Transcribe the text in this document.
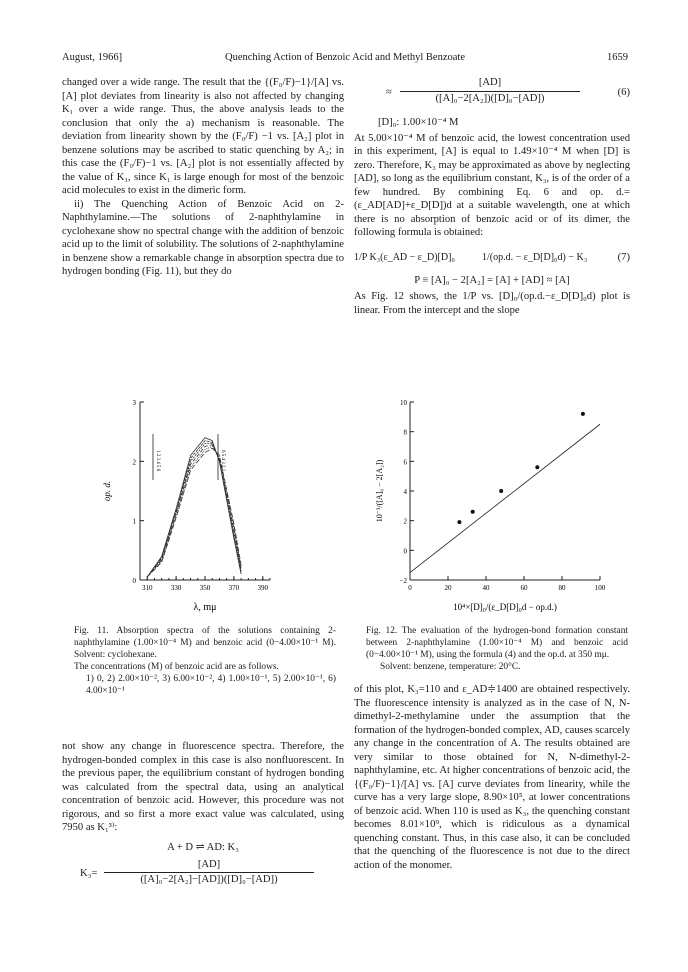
August, 1966]	Quenching Action of Benzoic Acid and Methyl Benzoate	1659

changed over a wide range. The result that the {(F₀/F)−1}/[A] vs. [A] plot deviates from linearity is also not affected by changing K₁ over a wide range. Thus, the above analysis leads to the conclusion that only the a) mechanism is reasonable. The deviation from linearity shown by the (F₀/F) −1 vs. [A₂] plot in benzene solutions may be ascribed to static quenching by A₂; in this case the (F₀/F)−1 vs. [A₂] plot is not essentially affected by the value of K₁, since K₁ is large enough for most of the benzoic acid molecules to exist in the dimeric form.

ii) The Quenching Action of Benzoic Acid on 2-Naphthylamine.—The solutions of 2-naphthylamine in cyclohexane show no spectral change with the addition of benzoic acid up to the limit of solubility. The solutions of 2-naphthylamine in benzene show a remarkable change in absorption spectra due to hydrogen bonding (Fig. 11), but they do

≈ $\frac{[AD]}{\text{([A]₀−2[A₂])([D]₀−[AD])}}$	(6)
[D]₀: 1.00×10⁻⁴ M

At 5.00×10⁻⁴ M of benzoic acid, the lowest concentration used in this experiment, [A] is equal to 1.49×10⁻⁴ M when [D] is zero. Therefore, K₃ may be approximated as above by neglecting [AD], so long as the equilibrium constant, K₃, is of the order of a few hundred. By combining Eq. 6 and op. d.=(ε_AD[AD]+ε_D[D])d at a suitable wavelength, one at which there is no absorption of benzoic acid or of its dimer, the following formula is obtained:

1/P K₃(ε_AD − ε_D)[D]₀	1/(op.d. − ε_D[D]₀d) − K₃	(7)
P ≡ [A]₀ − 2[A₂] = [A] + [AD] ≈ [A]

As Fig. 12 shows, the 1/P vs. [D]₀/(op.d.−ε_D[D]₀d) plot is linear. From the intercept and the slope

310	330	350	370	390
0
1
2
3
λ, mμ
op. d.
1 2 3 4 5 6	6 5 4 3 2 1

Fig. 11. Absorption spectra of the solutions containing 2-naphthylamine (1.00×10⁻⁴ M) and benzoic acid (0−4.00×10⁻¹ M). Solvent: cyclohexane.

The concentrations (M) of benzoic acid are as follows.

1) 0, 2) 2.00×10⁻², 3) 6.00×10⁻², 4) 1.00×10⁻¹, 5) 2.00×10⁻¹, 6) 4.00×10⁻¹

0	20	40	60	80	100
−2
0
2
4
6
8
10
10⁴×[D]₀/(ε_D[D]₀d − op.d.)
10⁻³/([A]₀ − 2[A₂])

Fig. 12. The evaluation of the hydrogen-bond formation constant between 2-naphthylamine (1.00×10⁻⁴ M) and benzoic acid (0−4.00×10⁻¹ M), using the formula (4) and the op.d. at 350 mμ.

Solvent: benzene, temperature: 20°C.

not show any change in fluorescence spectra. Therefore, the hydrogen-bonded complex in this case is also nonfluorescent. In the previous paper, the equilibrium constant of hydrogen bonding was calculated from the spectral data, using an analytical concentration of benzoic acid. However, this procedure was not rigorous, and so first a more exact value was calculated, using 7950 as K₁³⁾:

A + D ⇌ AD: K₃
$K_3= \frac{[AD]}{\text{([A]₀−2[A₂]−[AD])([D]₀−[AD])}}$

of this plot, K₃=110 and ε_AD≑1400 are obtained respectively. The fluorescence intensity is analyzed as in the case of N, N-dimethyl-2-methylamine under the assumption that the formation of the hydrogen-bonded complex, AD, causes scarcely any change in the concentration of A. The results obtained are very similar to those obtained for N, N-dimethyl-2-naphthylamine, etc. At higher concentrations of benzoic acid, the {(F₀/F)−1}/[A] vs. [A] curve deviates from linearity, while the curve has a very large slope, 8.90×10⁵, at lower concentrations of benzoic acid. When 110 is used as K₃, the quenching constant becomes 8.01×10⁹, which is ridiculous as a dynamical quenching constant. Thus, in this case also, it can be concluded that the quenching of the fluorescence is not due to the direct action of the monomer.
